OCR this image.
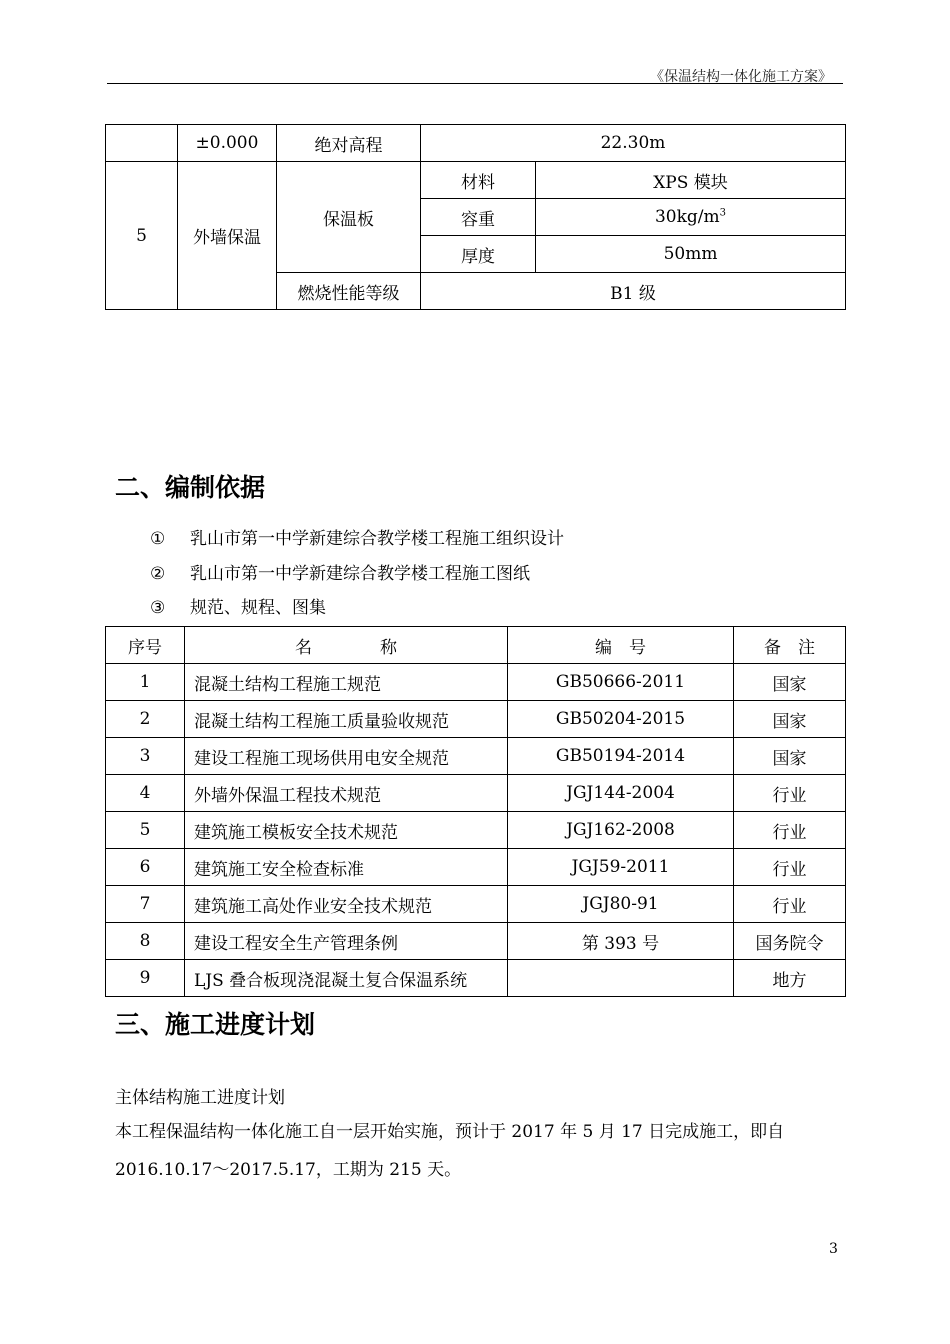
《保温结构一体化施工方案》
	±0.000	绝对高程	22.30m	
5	外墙保温	保温板	材料	XPS 模块
			容重	$30kg/m^3$
			厚度	50mm
		燃烧性能等级	B1 级	
二、编制依据
① 乳山市第一中学新建综合教学楼工程施工组织设计
② 乳山市第一中学新建综合教学楼工程施工图纸
③ 规范、规程、图集
序号	名　　　　称	编　号	备　注
1	混凝土结构工程施工规范	GB50666-2011	国家
2	混凝土结构工程施工质量验收规范	GB50204-2015	国家
3	建设工程施工现场供用电安全规范	GB50194-2014	国家
4	外墙外保温工程技术规范	JGJ144-2004	行业
5	建筑施工模板安全技术规范	JGJ162-2008	行业
6	建筑施工安全检查标准	JGJ59-2011	行业
7	建筑施工高处作业安全技术规范	JGJ80-91	行业
8	建设工程安全生产管理条例	第 393 号	国务院令
9	LJS 叠合板现浇混凝土复合保温系统		地方
三、施工进度计划
主体结构施工进度计划
本工程保温结构一体化施工自一层开始实施，预计于 2017 年 5 月 17 日完成施工，即自
2016.10.17～2017.5.17，工期为 215 天。
3
